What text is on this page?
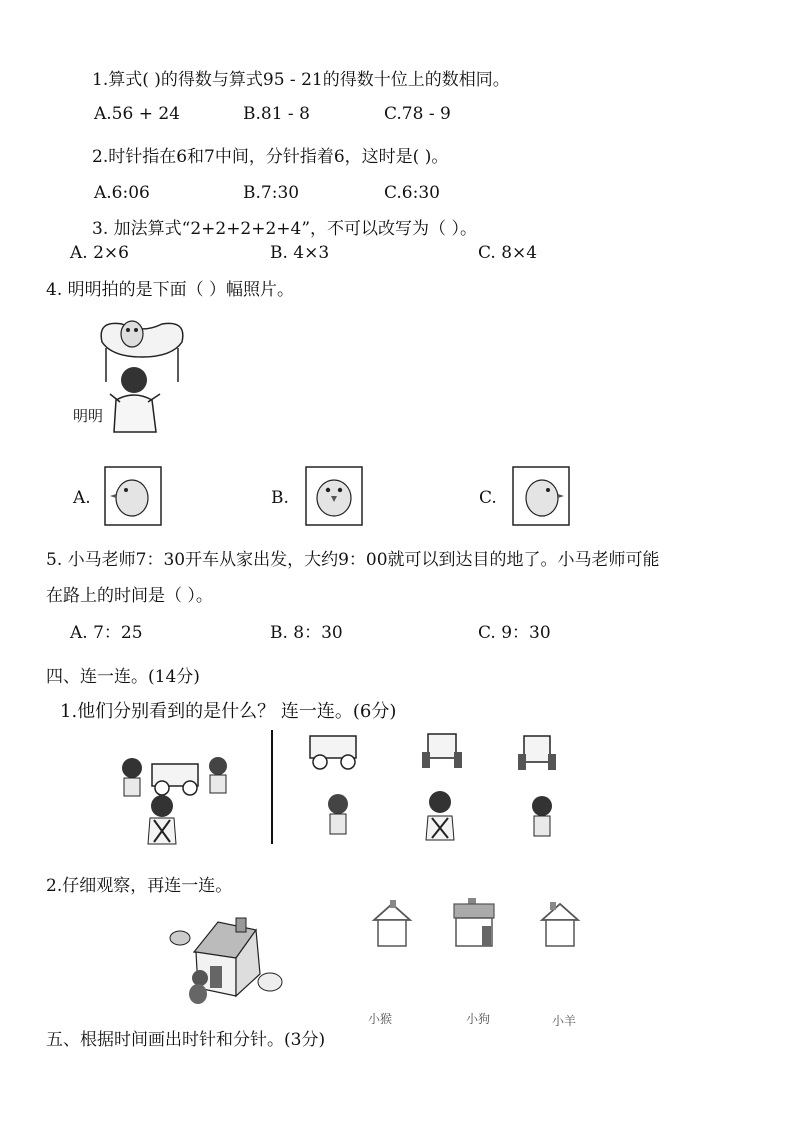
1.算式( )的得数与算式95 - 21的得数十位上的数相同。
A.56 + 24	B.81 - 8	C.78 - 9
2.时针指在6和7中间，分针指着6，这时是( )。
A.6:06	B.7:30	C.6:30
3. 加法算式“2+2+2+2+4”，不可以改写为（ ）。
A. 2×6	B. 4×3	C. 8×4
4. 明明拍的是下面（ ）幅照片。
明明
A.	B.	C.
5. 小马老师7：30开车从家出发，大约9：00就可以到达目的地了。小马老师可能
在路上的时间是（ ）。
A. 7：25	B. 8：30	C. 9：30
四、连一连。(14分)
1.他们分别看到的是什么？ 连一连。(6分)
2.仔细观察，再连一连。
小猴	小狗	小羊
五、根据时间画出时针和分针。(3分)
